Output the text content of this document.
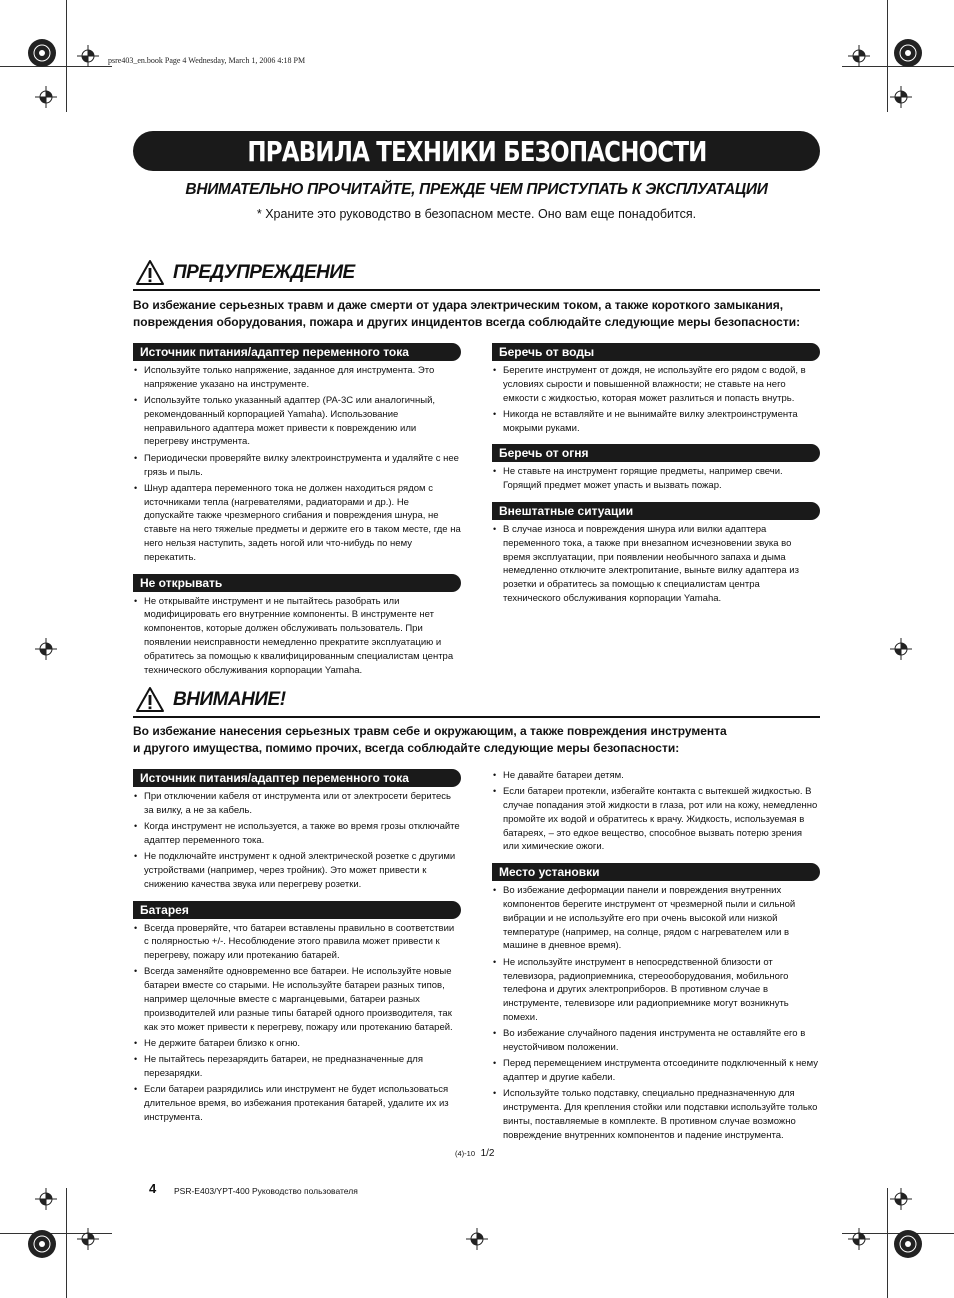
psre403_en.book Page 4 Wednesday, March 1, 2006 4:18 PM
ПРАВИЛА ТЕХНИКИ БЕЗОПАСНОСТИ
ВНИМАТЕЛЬНО ПРОЧИТАЙТЕ, ПРЕЖДЕ ЧЕМ ПРИСТУПАТЬ К ЭКСПЛУАТАЦИИ
* Храните это руководство в безопасном месте. Оно вам еще понадобится.
ПРЕДУПРЕЖДЕНИЕ
Во избежание серьезных травм и даже смерти от удара электрическим током, а также короткого замыкания,
повреждения оборудования, пожара и других инцидентов всегда соблюдайте следующие меры безопасности:
Источник питания/адаптер переменного тока
• Используйте только напряжение, заданное для инструмента. Это напряжение указано на инструменте.
• Используйте только указанный адаптер (PA-3C или аналогичный, рекомендованный корпорацией Yamaha). Использование неправильного адаптера может привести к повреждению или перегреву инструмента.
• Периодически проверяйте вилку электроинструмента и удаляйте с нее грязь и пыль.
• Шнур адаптера переменного тока не должен находиться рядом с источниками тепла (нагревателями, радиаторами и др.). Не допускайте также чрезмерного сгибания и повреждения шнура, не ставьте на него тяжелые предметы и держите его в таком месте, где на него нельзя наступить, задеть ногой или что-нибудь по нему перекатить.
Не открывать
• Не открывайте инструмент и не пытайтесь разобрать или модифицировать его внутренние компоненты. В инструменте нет компонентов, которые должен обслуживать пользователь. При появлении неисправности немедленно прекратите эксплуатацию и обратитесь за помощью к квалифицированным специалистам центра технического обслуживания корпорации Yamaha.
Беречь от воды
• Берегите инструмент от дождя, не используйте его рядом с водой, в условиях сырости и повышенной влажности; не ставьте на него емкости с жидкостью, которая может разлиться и попасть внутрь.
• Никогда не вставляйте и не вынимайте вилку электроинструмента мокрыми руками.
Беречь от огня
• Не ставьте на инструмент горящие предметы, например свечи. Горящий предмет может упасть и вызвать пожар.
Внештатные ситуации
• В случае износа и повреждения шнура или вилки адаптера переменного тока, а также при внезапном исчезновении звука во время эксплуатации, при появлении необычного запаха и дыма немедленно отключите электропитание, выньте вилку адаптера из розетки и обратитесь за помощью к специалистам центра технического обслуживания корпорации Yamaha.
ВНИМАНИЕ!
Во избежание нанесения серьезных травм себе и окружающим, а также повреждения инструмента
и другого имущества, помимо прочих, всегда соблюдайте следующие меры безопасности:
Источник питания/адаптер переменного тока
• При отключении кабеля от инструмента или от электросети беритесь за вилку, а не за кабель.
• Когда инструмент не используется, а также во время грозы отключайте адаптер переменного тока.
• Не подключайте инструмент к одной электрической розетке с другими устройствами (например, через тройник). Это может привести к снижению качества звука или перегреву розетки.
Батарея
• Всегда проверяйте, что батареи вставлены правильно в соответствии с полярностью +/-. Несоблюдение этого правила может привести к перегреву, пожару или протеканию батарей.
• Всегда заменяйте одновременно все батареи. Не используйте новые батареи вместе со старыми. Не используйте батареи разных типов, например щелочные вместе с марганцевыми, батареи разных производителей или разные типы батарей одного производителя, так как это может привести к перегреву, пожару или протеканию батарей.
• Не держите батареи близко к огню.
• Не пытайтесь перезарядить батареи, не предназначенные для перезарядки.
• Если батареи разрядились или инструмент не будет использоваться длительное время, во избежания протекания батарей, удалите их из инструмента.
• Не давайте батареи детям.
• Если батареи протекли, избегайте контакта с вытекшей жидкостью. В случае попадания этой жидкости в глаза, рот или на кожу, немедленно промойте их водой и обратитесь к врачу. Жидкость, используемая в батареях, – это едкое вещество, способное вызвать потерю зрения или химические ожоги.
Место установки
• Во избежание деформации панели и повреждения внутренних компонентов берегите инструмент от чрезмерной пыли и сильной вибрации и не используйте его при очень высокой или низкой температуре (например, на солнце, рядом с нагревателем или в машине в дневное время).
• Не используйте инструмент в непосредственной близости от телевизора, радиоприемника, стереооборудования, мобильного телефона и других электроприборов. В противном случае в инструменте, телевизоре или радиоприемнике могут возникнуть помехи.
• Во избежание случайного падения инструмента не оставляйте его в неустойчивом положении.
• Перед перемещением инструмента отсоедините подключенный к нему адаптер и другие кабели.
• Используйте только подставку, специально предназначенную для инструмента. Для крепления стойки или подставки используйте только винты, поставляемые в комплекте. В противном случае возможно повреждение внутренних компонентов и падение инструмента.
(4)-10 1/2
4 PSR-E403/YPT-400 Руководство пользователя
